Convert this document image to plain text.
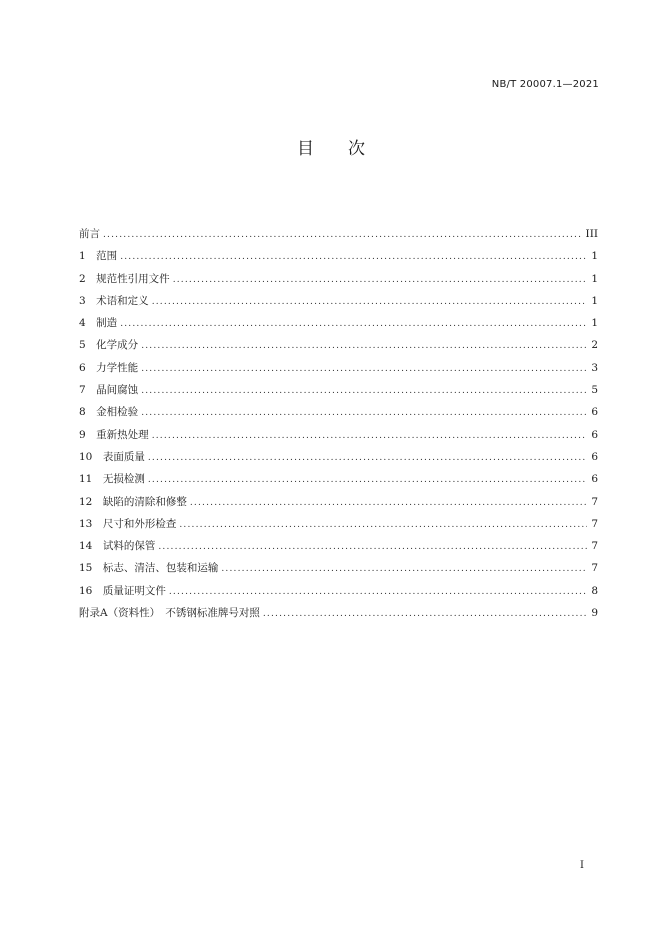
NB/T 20007.1—2021
目　　次
前言 .....	III
1　范围 .....	1
2　规范性引用文件 .....	1
3　术语和定义 .....	1
4　制造 .....	1
5　化学成分 .....	2
6　力学性能 .....	3
7　晶间腐蚀 .....	5
8　金相检验 .....	6
9　重新热处理 .....	6
10　表面质量 .....	6
11　无损检测 .....	6
12　缺陷的清除和修整 .....	7
13　尺寸和外形检查 .....	7
14　试料的保管 .....	7
15　标志、清洁、包装和运输 .....	7
16　质量证明文件 .....	8
附录A（资料性）　不锈钢标准牌号对照 .....	9
I
